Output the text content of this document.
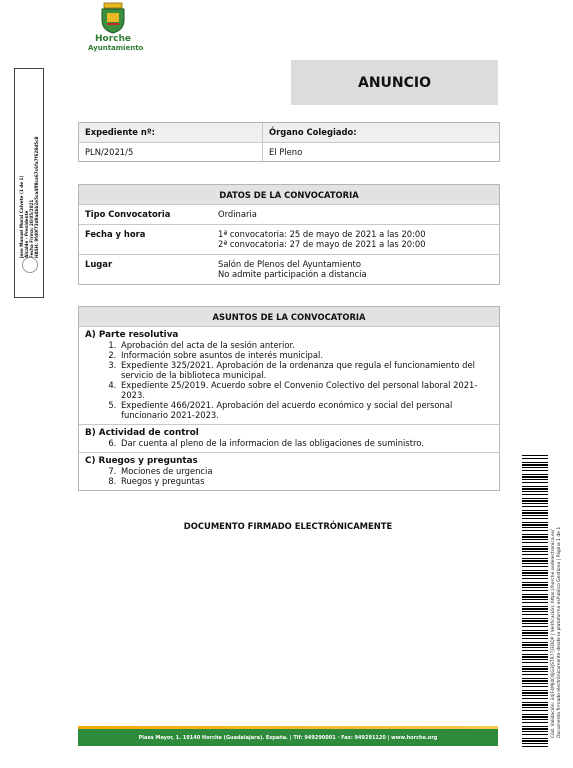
Horche
Ayuntamiento
Jose Manuel Moral Calvete (1 de 1) Alcalde - Presidente Fecha Firma: 20/05/2021 HASH: 9fd0f73d8a4bb2e5ca4ff8ca67c6fa7f628d5c8
ANUNCIO
Expediente nº:	Órgano Colegiado:
PLN/2021/5	El Pleno
DATOS DE LA CONVOCATORIA
Tipo Convocatoria	Ordinaria
Fecha y hora	1ª convocatoria: 25 de mayo de 2021 a las 20:00
2ª convocatoria: 27 de mayo de 2021 a las 20:00
Lugar	Salón de Plenos del Ayuntamiento
No admite participación a distancia
ASUNTOS DE LA CONVOCATORIA
A) Parte resolutiva
1. Aprobación del acta de la sesión anterior.
2. Información sobre asuntos de interés municipal.
3. Expediente 325/2021. Aprobación de la ordenanza que regula el funcionamiento del servicio de la biblioteca municipal.
4. Expediente 25/2019. Acuerdo sobre el Convenio Colectivo del personal laboral 2021-2023.
5. Expediente 466/2021. Aprobación del acuerdo económico y social del personal funcionario 2021-2023.
B) Actividad de control
6. Dar cuenta al pleno de la informacion de las obligaciones de suministro.
C) Ruegos y preguntas
7. Mociones de urgencia
8. Ruegos y preguntas
DOCUMENTO FIRMADO ELECTRÓNICAMENTE
Cód. Validación: 34JF4MJ4C6JG3JSTR77J3DQP | Verificación: https://horche.sedelectronica.es/ Documento firmado electrónicamente desde la plataforma esPublico Gestiona | Página 1 de 1
Plaza Mayor, 1. 19140 Horche (Guadalajara). España. | Tlf: 949290001 · Fax: 949291120 | www.horche.org
